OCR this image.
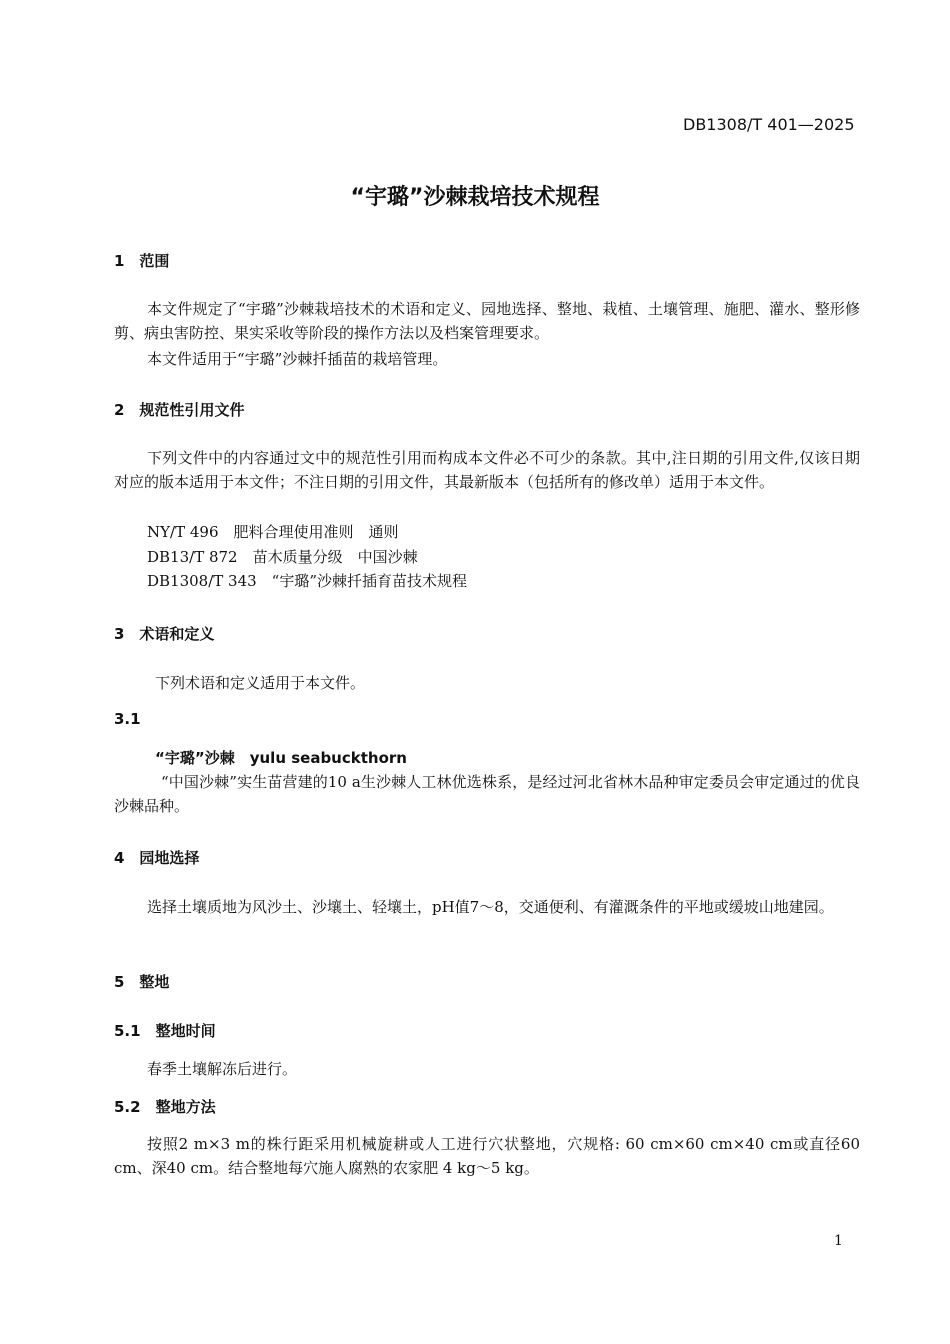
DB1308/T 401—2025
“宇璐”沙棘栽培技术规程
1　范围

本文件规定了“宇璐”沙棘栽培技术的术语和定义、园地选择、整地、栽植、土壤管理、施肥、灌水、整形修剪、病虫害防控、果实采收等阶段的操作方法以及档案管理要求。

本文件适用于“宇璐”沙棘扦插苗的栽培管理。

2　规范性引用文件

下列文件中的内容通过文中的规范性引用而构成本文件必不可少的条款。其中,注日期的引用文件,仅该日期对应的版本适用于本文件；不注日期的引用文件，其最新版本（包括所有的修改单）适用于本文件。

NY/T 496　肥料合理使用准则　通则
DB13/T 872　苗木质量分级　中国沙棘
DB1308/T 343　“宇璐”沙棘扦插育苗技术规程
3　术语和定义
下列术语和定义适用于本文件。
3.1
“宇璐”沙棘　yulu seabuckthorn

“中国沙棘”实生苗营建的10 a生沙棘人工林优选株系，是经过河北省林木品种审定委员会审定通过的优良沙棘品种。

4　园地选择

选择土壤质地为风沙土、沙壤土、轻壤土，pH值7～8，交通便利、有灌溉条件的平地或缓坡山地建园。

5　整地
5.1　整地时间
春季土壤解冻后进行。
5.2　整地方法

按照2 m×3 m的株行距采用机械旋耕或人工进行穴状整地，穴规格: 60 cm×60 cm×40 cm或直径60 cm、深40 cm。结合整地每穴施人腐熟的农家肥 4 kg～5 kg。

1
